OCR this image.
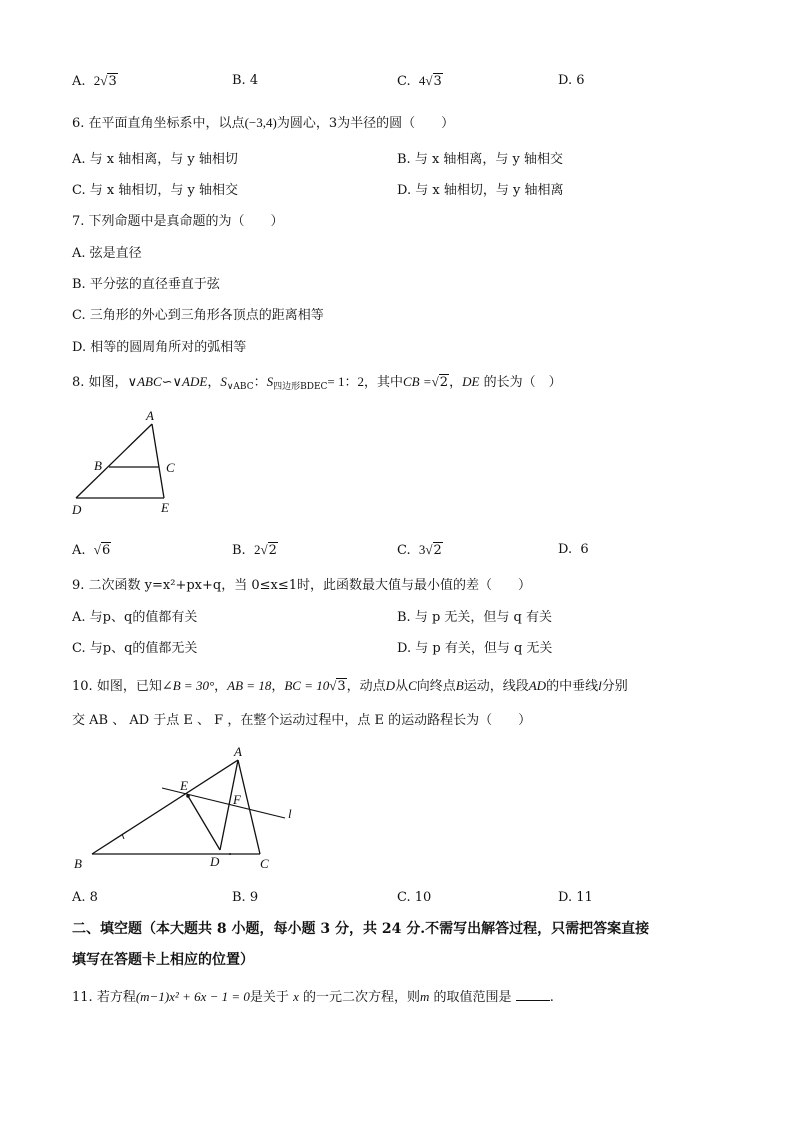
A. 2√3	B. 4	C. 4√3	D. 6
6. 在平面直角坐标系中，以点(−3,4)为圆心，3为半径的圆（　　）
A. 与 x 轴相离，与 y 轴相切	B. 与 x 轴相离，与 y 轴相交
C. 与 x 轴相切，与 y 轴相交	D. 与 x 轴相切，与 y 轴相离
7. 下列命题中是真命题的为（　　）
A. 弦是直径
B. 平分弦的直径垂直于弦
C. 三角形的外心到三角形各顶点的距离相等
D. 相等的圆周角所对的弧相等
8. 如图，∨ABC∽∨ADE，$S_{\vee ABC}$：$S_{四边形BDEC}= 1$：2，其中CB =√2，DE 的长为（　）
A
B	C
D	E
A. √6	B. 2√2	C. 3√2	D. 6
9. 二次函数 y=x²+px+q，当 0≤x≤1时，此函数最大值与最小值的差（　　）
A. 与p、q的值都有关	B. 与 p 无关，但与 q 有关
C. 与p、q的值都无关	D. 与 p 有关，但与 q 无关
10. 如图，已知∠B = 30°，AB = 18，BC = 10√3，动点D从C向终点B运动，线段AD的中垂线l分别
交 AB 、 AD 于点 E 、 F ，在整个运动过程中，点 E 的运动路程长为（　　）
A
B	C
D
E
F
l
A. 8	B. 9	C. 10	D. 11
二、填空题（本大题共 8 小题，每小题 3 分，共 24 分.不需写出解答过程，只需把答案直接
填写在答题卡上相应的位置）
11. 若方程(m−1)x² + 6x − 1 = 0是关于 x 的一元二次方程，则m 的取值范围是	.
